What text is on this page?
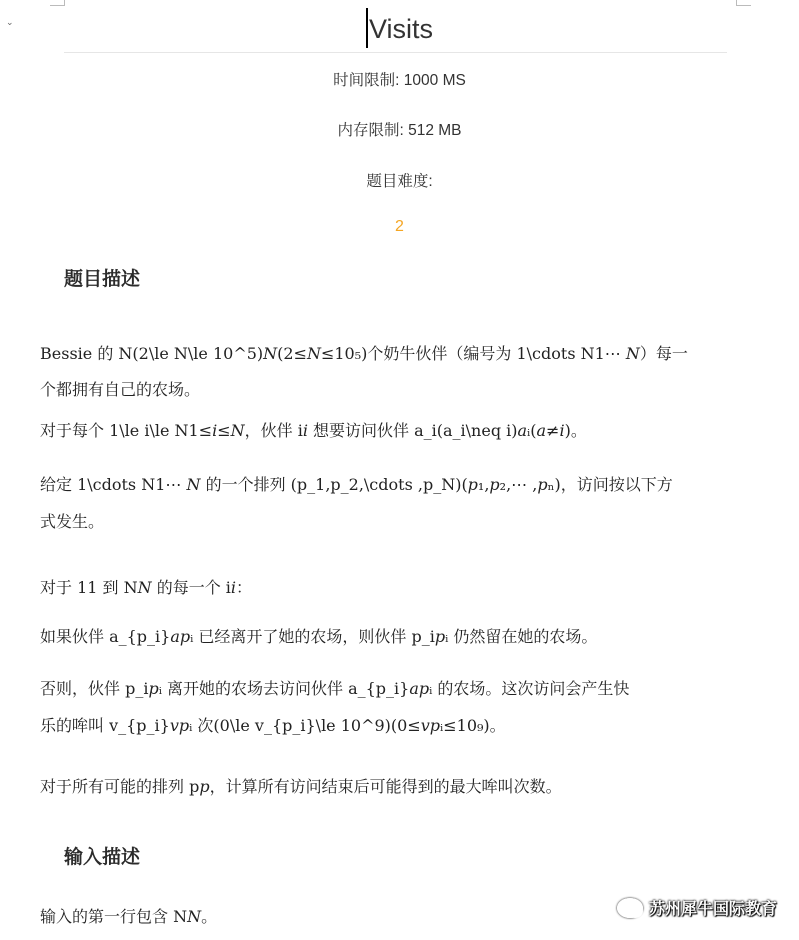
⌄	Visits
时间限制: 1000 MS
内存限制: 512 MB
题目难度:
2
题目描述
Bessie 的 N(2\le N\le 10^5)𝑁(2≤𝑁≤10₅)个奶牛伙伴（编号为 1\cdots N1⋯ 𝑁）每一
个都拥有自己的农场。
对于每个 1\le i\le N1≤𝑖≤𝑁，伙伴 i𝑖 想要访问伙伴 a_i(a_i\neq i)𝑎ᵢ(𝑎≠𝑖)。
给定 1\cdots N1⋯ 𝑁 的一个排列 (p_1,p_2,\cdots ,p_N)(𝑝₁,𝑝₂,⋯ ,𝑝ₙ)，访问按以下方
式发生。
对于 11 到 N𝑁 的每一个 i𝑖：
如果伙伴 a_{p_i}𝑎𝑝ᵢ 已经离开了她的农场，则伙伴 p_i𝑝ᵢ 仍然留在她的农场。
否则，伙伴 p_i𝑝ᵢ 离开她的农场去访问伙伴 a_{p_i}𝑎𝑝ᵢ 的农场。这次访问会产生快
乐的哞叫 v_{p_i}𝑣𝑝ᵢ 次(0\le v_{p_i}\le 10^9)(0≤𝑣𝑝ᵢ≤10₉)。
对于所有可能的排列 p𝑝，计算所有访问结束后可能得到的最大哞叫次数。
输入描述
输入的第一行包含 N𝑁。	苏州犀牛国际教育
